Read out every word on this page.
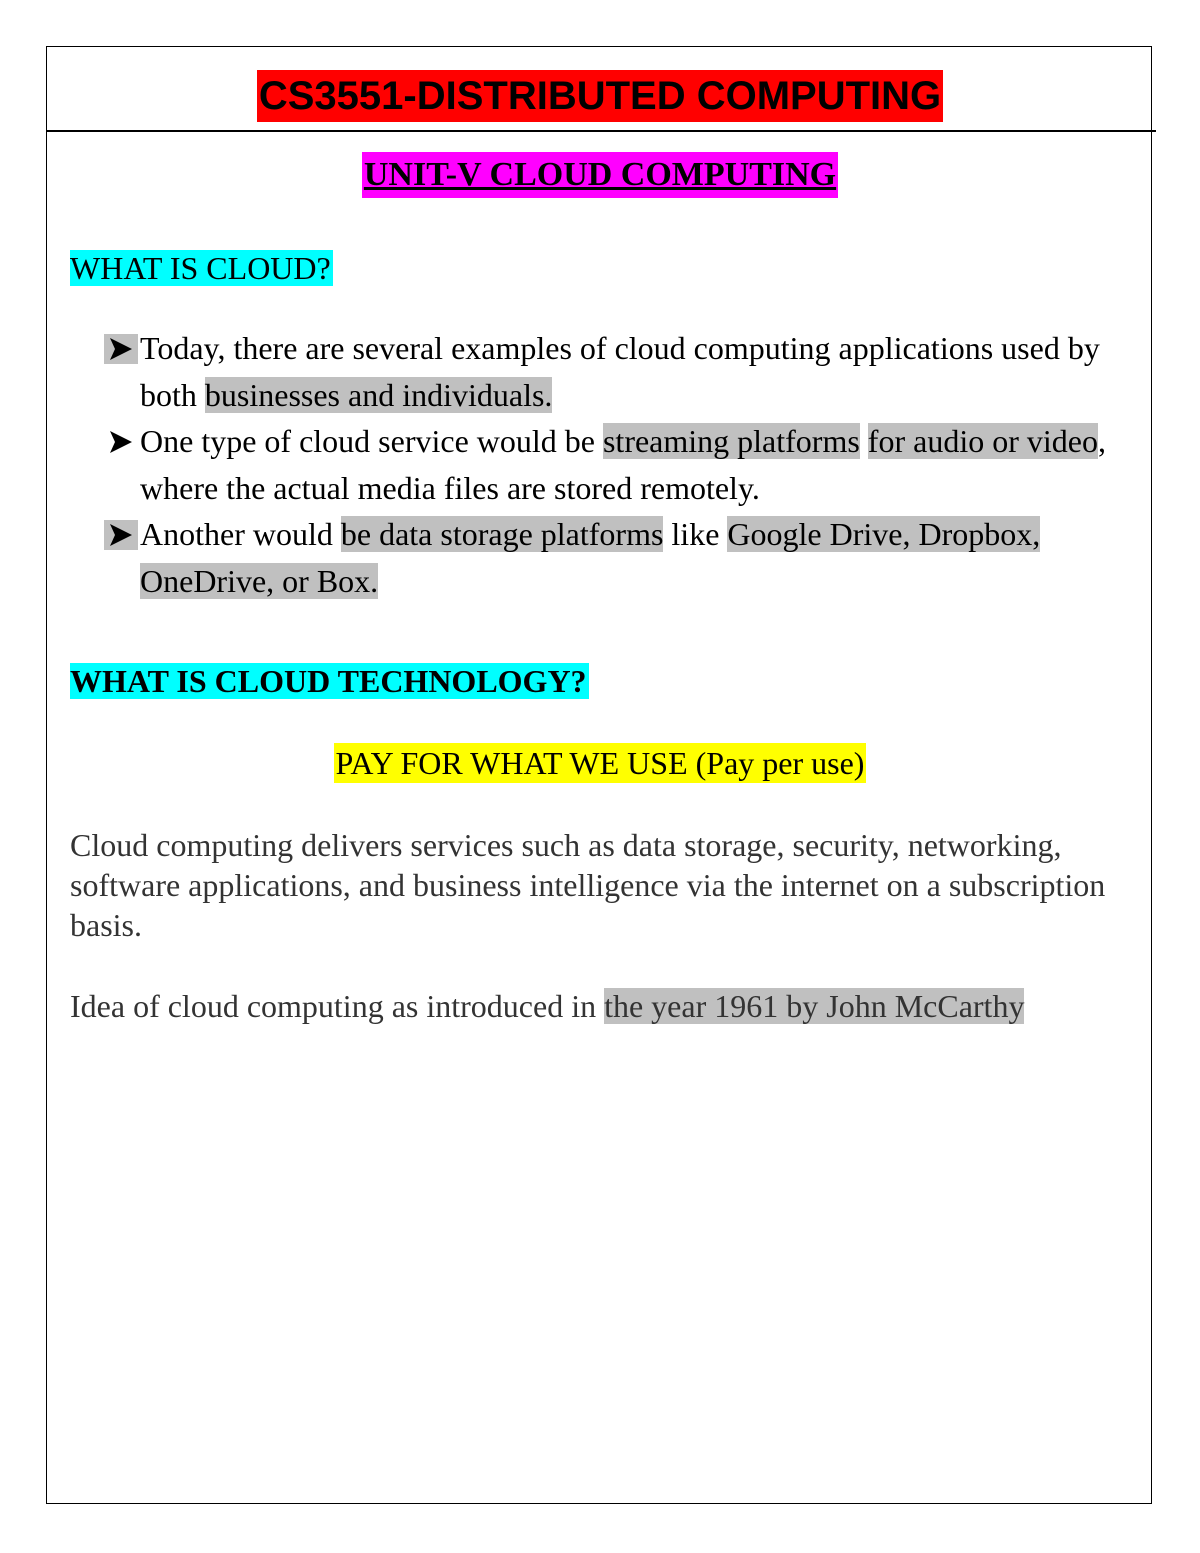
CS3551-DISTRIBUTED COMPUTING
UNIT-V CLOUD COMPUTING
WHAT IS CLOUD?
Today, there are several examples of cloud computing applications used by both businesses and individuals.
One type of cloud service would be streaming platforms for audio or video, where the actual media files are stored remotely.
Another would be data storage platforms like Google Drive, Dropbox, OneDrive, or Box.
WHAT IS CLOUD TECHNOLOGY?
PAY FOR WHAT WE USE (Pay per use)

Cloud computing delivers services such as data storage, security, networking, software applications, and business intelligence via the internet on a subscription basis.

Idea of cloud computing as introduced in the year 1961 by John McCarthy
